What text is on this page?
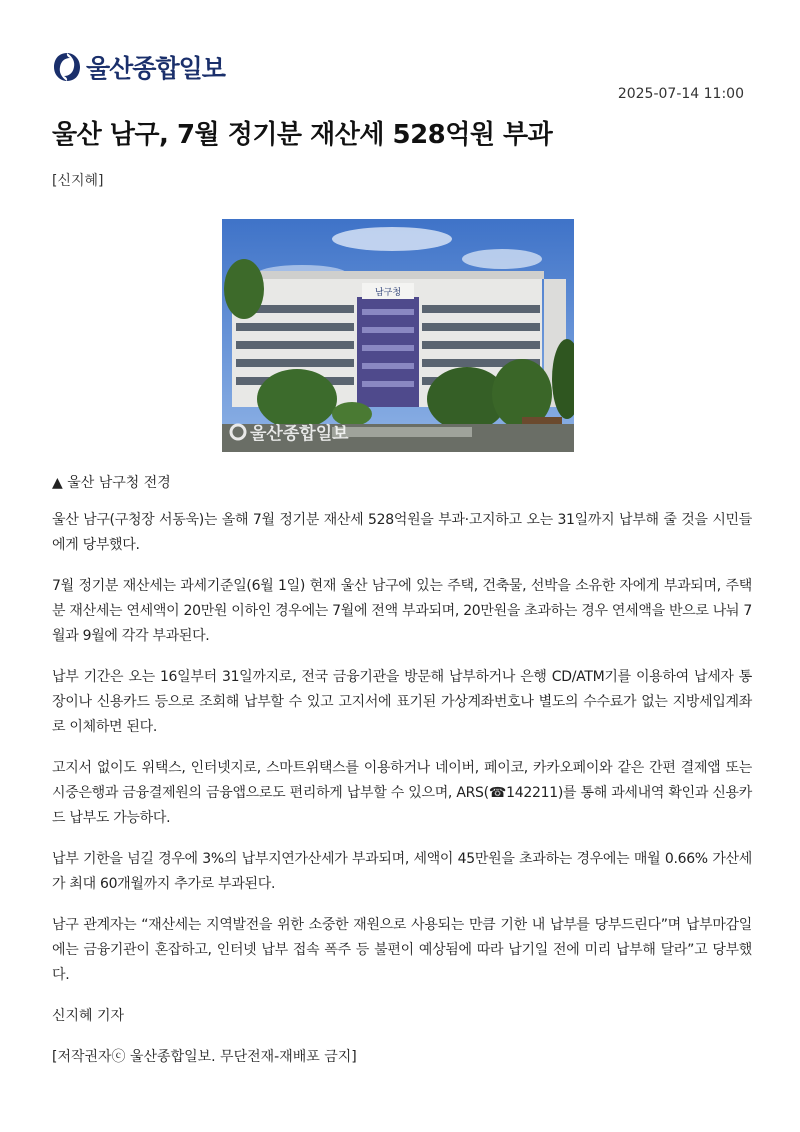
울산종합일보
2025-07-14 11:00
울산 남구, 7월 정기분 재산세 528억원 부과
[신지혜]
남구청
울산종합일보
▲ 울산 남구청 전경

울산 남구(구청장 서동욱)는 올해 7월 정기분 재산세 528억원을 부과·고지하고 오는 31일까지 납부해 줄 것을 시민들에게 당부했다.

7월 정기분 재산세는 과세기준일(6월 1일) 현재 울산 남구에 있는 주택, 건축물, 선박을 소유한 자에게 부과되며, 주택분 재산세는 연세액이 20만원 이하인 경우에는 7월에 전액 부과되며, 20만원을 초과하는 경우 연세액을 반으로 나눠 7월과 9월에 각각 부과된다.

납부 기간은 오는 16일부터 31일까지로, 전국 금융기관을 방문해 납부하거나 은행 CD/ATM기를 이용하여 납세자 통장이나 신용카드 등으로 조회해 납부할 수 있고 고지서에 표기된 가상계좌번호나 별도의 수수료가 없는 지방세입계좌로 이체하면 된다.

고지서 없이도 위택스, 인터넷지로, 스마트위택스를 이용하거나 네이버, 페이코, 카카오페이와 같은 간편 결제앱 또는 시중은행과 금융결제원의 금융앱으로도 편리하게 납부할 수 있으며, ARS(☎142211)를 통해 과세내역 확인과 신용카드 납부도 가능하다.

납부 기한을 넘길 경우에 3%의 납부지연가산세가 부과되며, 세액이 45만원을 초과하는 경우에는 매월 0.66% 가산세가 최대 60개월까지 추가로 부과된다.

남구 관계자는 “재산세는 지역발전을 위한 소중한 재원으로 사용되는 만큼 기한 내 납부를 당부드린다”며 납부마감일에는 금융기관이 혼잡하고, 인터넷 납부 접속 폭주 등 불편이 예상됨에 따라 납기일 전에 미리 납부해 달라”고 당부했다.

신지혜 기자

[저작권자ⓒ 울산종합일보. 무단전재-재배포 금지]
